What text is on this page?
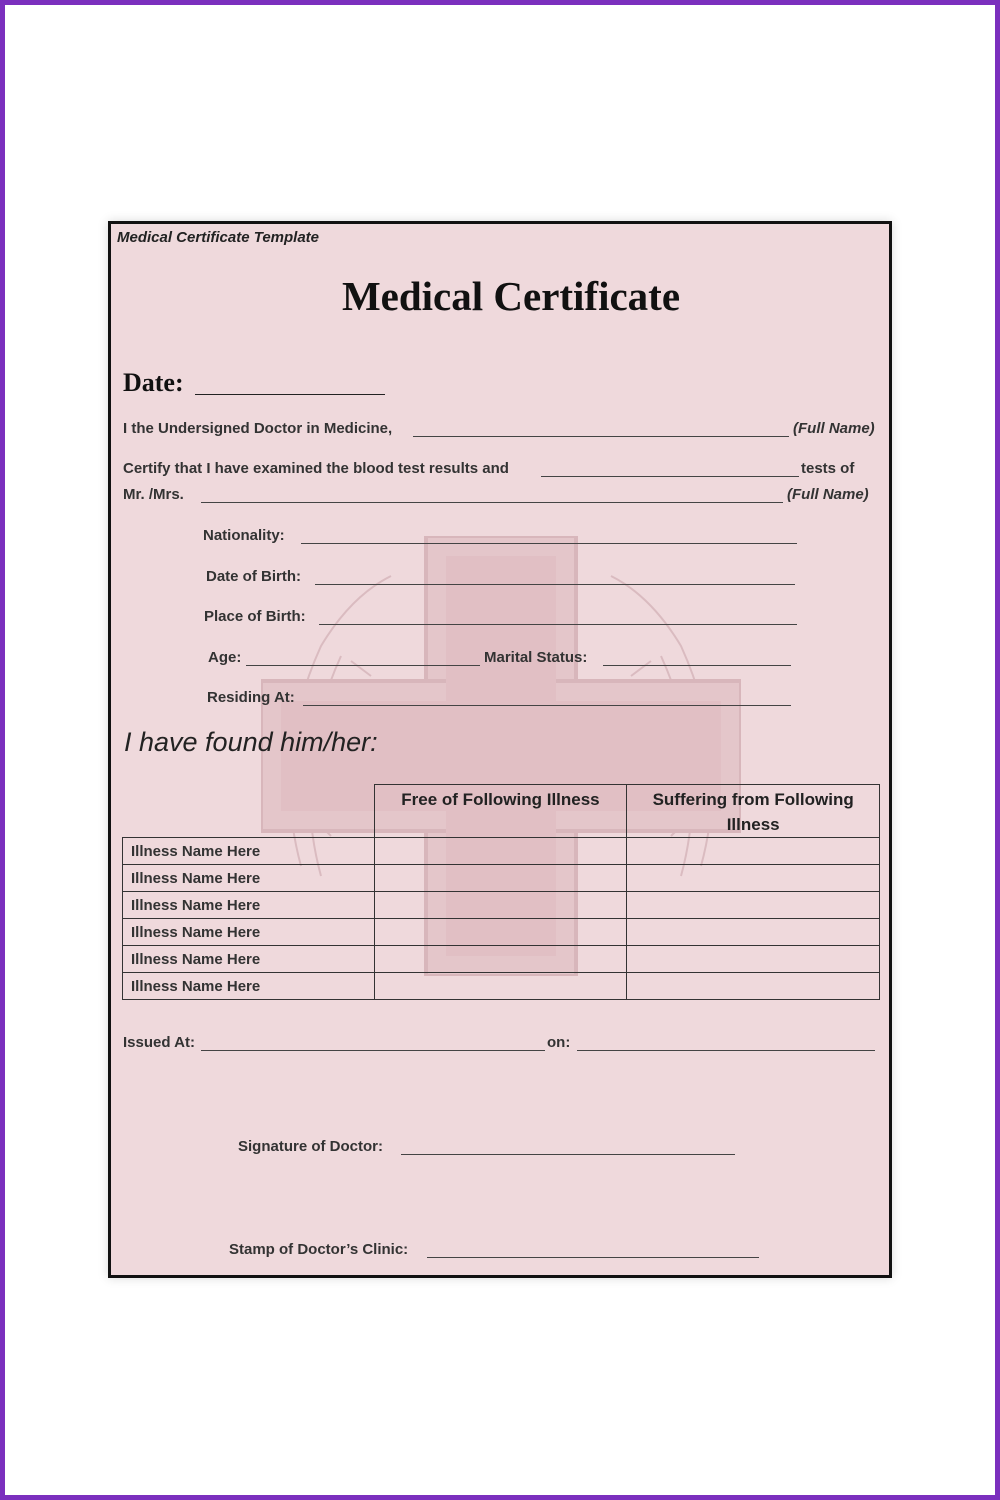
Medical Certificate Template
Medical Certificate
Date:
I the Undersigned Doctor in Medicine,	(Full Name)
Certify that I have examined the blood test results and	tests of
Mr. /Mrs.	(Full Name)
Nationality:
Date of Birth:
Place of Birth:
Age:	Marital Status:
Residing At:
I have found him/her:
	Free of Following Illness	Suffering from Following Illness
Illness Name Here		
Illness Name Here		
Illness Name Here		
Illness Name Here		
Illness Name Here		
Illness Name Here		
Issued At:	on:
Signature of Doctor:
Stamp of Doctor’s Clinic:
